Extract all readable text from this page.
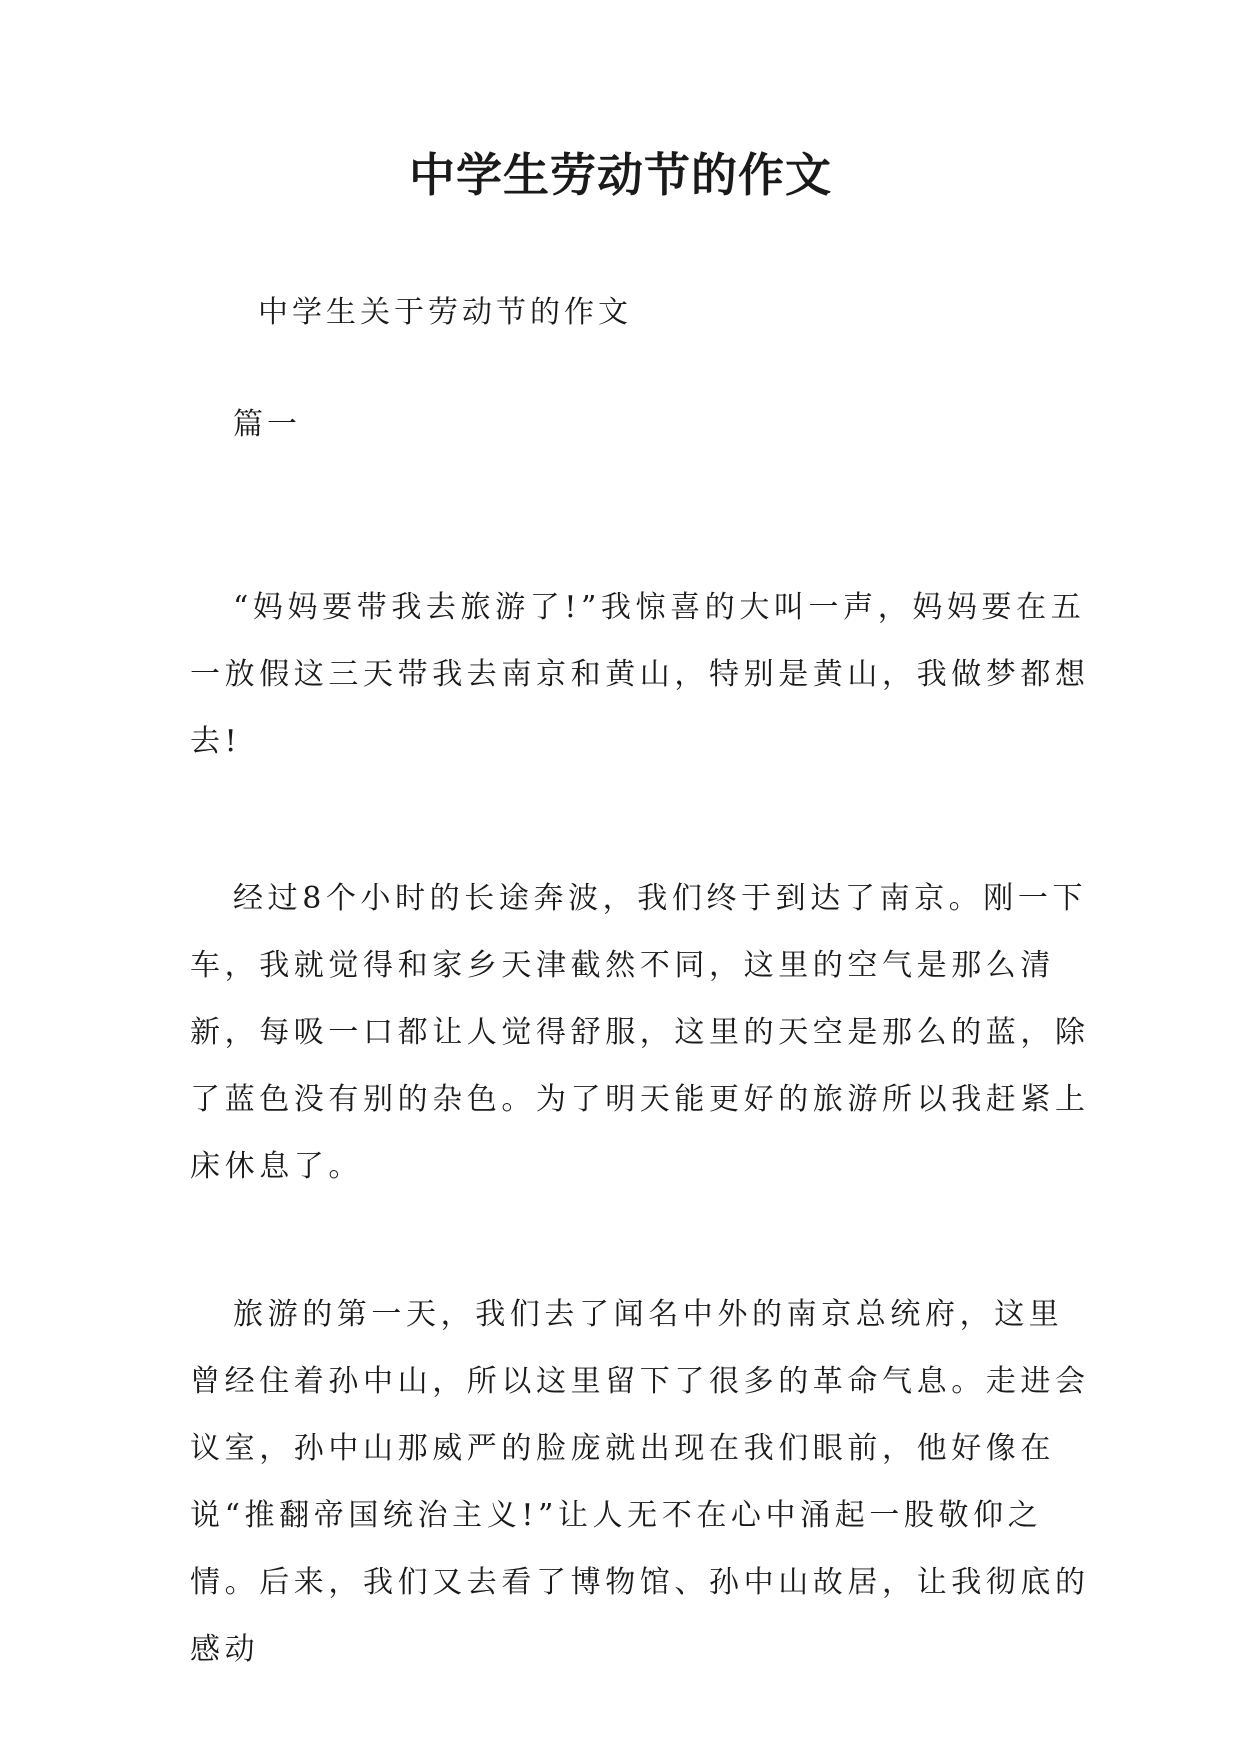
中学生劳动节的作文
中学生关于劳动节的作文
篇一

“妈妈要带我去旅游了!”我惊喜的大叫一声，妈妈要在五一放假这三天带我去南京和黄山，特别是黄山，我做梦都想去!

经过8个小时的长途奔波，我们终于到达了南京。刚一下车，我就觉得和家乡天津截然不同，这里的空气是那么清新，每吸一口都让人觉得舒服，这里的天空是那么的蓝，除了蓝色没有别的杂色。为了明天能更好的旅游所以我赶紧上床休息了。

旅游的第一天，我们去了闻名中外的南京总统府，这里曾经住着孙中山，所以这里留下了很多的革命气息。走进会议室，孙中山那威严的脸庞就出现在我们眼前，他好像在说“推翻帝国统治主义!”让人无不在心中涌起一股敬仰之情。后来，我们又去看了博物馆、孙中山故居，让我彻底的感动
